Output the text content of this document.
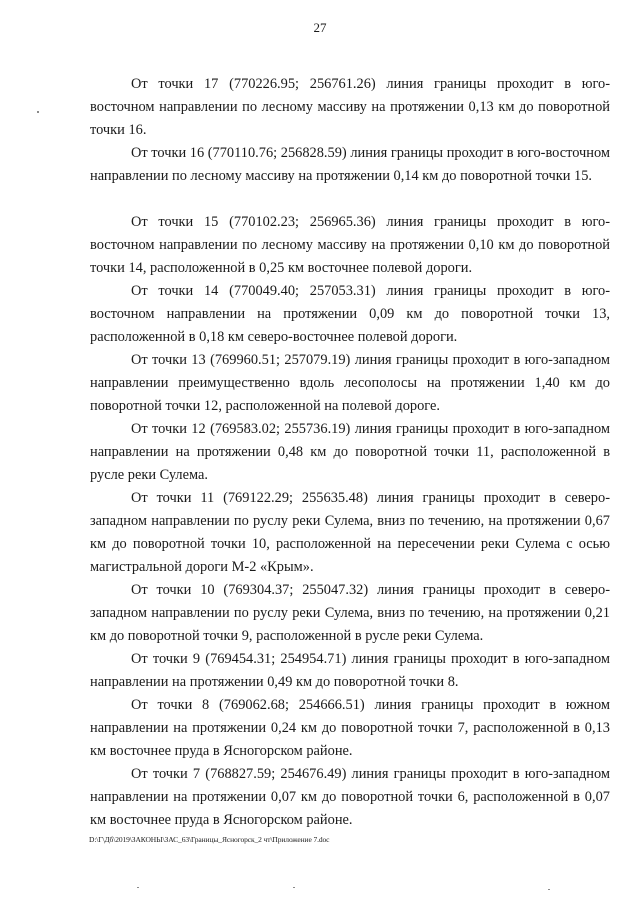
27

От точки 17 (770226.95; 256761.26) линия границы проходит в юго-восточном направлении по лесному массиву на протяжении 0,13 км до поворотной точки 16.

От точки 16 (770110.76; 256828.59) линия границы проходит в юго-восточном направлении по лесному массиву на протяжении 0,14 км до поворотной точки 15.

От точки 15 (770102.23; 256965.36) линия границы проходит в юго-восточном направлении по лесному массиву на протяжении 0,10 км до поворотной точки 14, расположенной в 0,25 км восточнее полевой дороги.

От точки 14 (770049.40; 257053.31) линия границы проходит в юго-восточном направлении на протяжении 0,09 км до поворотной точки 13, расположенной в 0,18 км северо-восточнее полевой дороги.

От точки 13 (769960.51; 257079.19) линия границы проходит в юго-западном направлении преимущественно вдоль лесополосы на протяжении 1,40 км до поворотной точки 12, расположенной на полевой дороге.

От точки 12 (769583.02; 255736.19) линия границы проходит в юго-западном направлении на протяжении 0,48 км до поворотной точки 11, расположенной в русле реки Сулема.

От точки 11 (769122.29; 255635.48) линия границы проходит в северо-западном направлении по руслу реки Сулема, вниз по течению, на протяжении 0,67 км до поворотной точки 10, расположенной на пересечении реки Сулема с осью магистральной дороги М-2 «Крым».

От точки 10 (769304.37; 255047.32) линия границы проходит в северо-западном направлении по руслу реки Сулема, вниз по течению, на протяжении 0,21 км до поворотной точки 9, расположенной в русле реки Сулема.

От точки 9 (769454.31; 254954.71) линия границы проходит в юго-западном направлении на протяжении 0,49 км до поворотной точки 8.

От точки 8 (769062.68; 254666.51) линия границы проходит в южном направлении на протяжении 0,24 км до поворотной точки 7, расположенной в 0,13 км восточнее пруда в Ясногорском районе.

От точки 7 (768827.59; 254676.49) линия границы проходит в юго-западном направлении на протяжении 0,07 км до поворотной точки 6, расположенной в 0,07 км восточнее пруда в Ясногорском районе.

D:\Г\Дб\2019\ЗАКОНЫ\ЗАС_63\Границы_Ясногорск_2 чт\Приложение 7.doc
